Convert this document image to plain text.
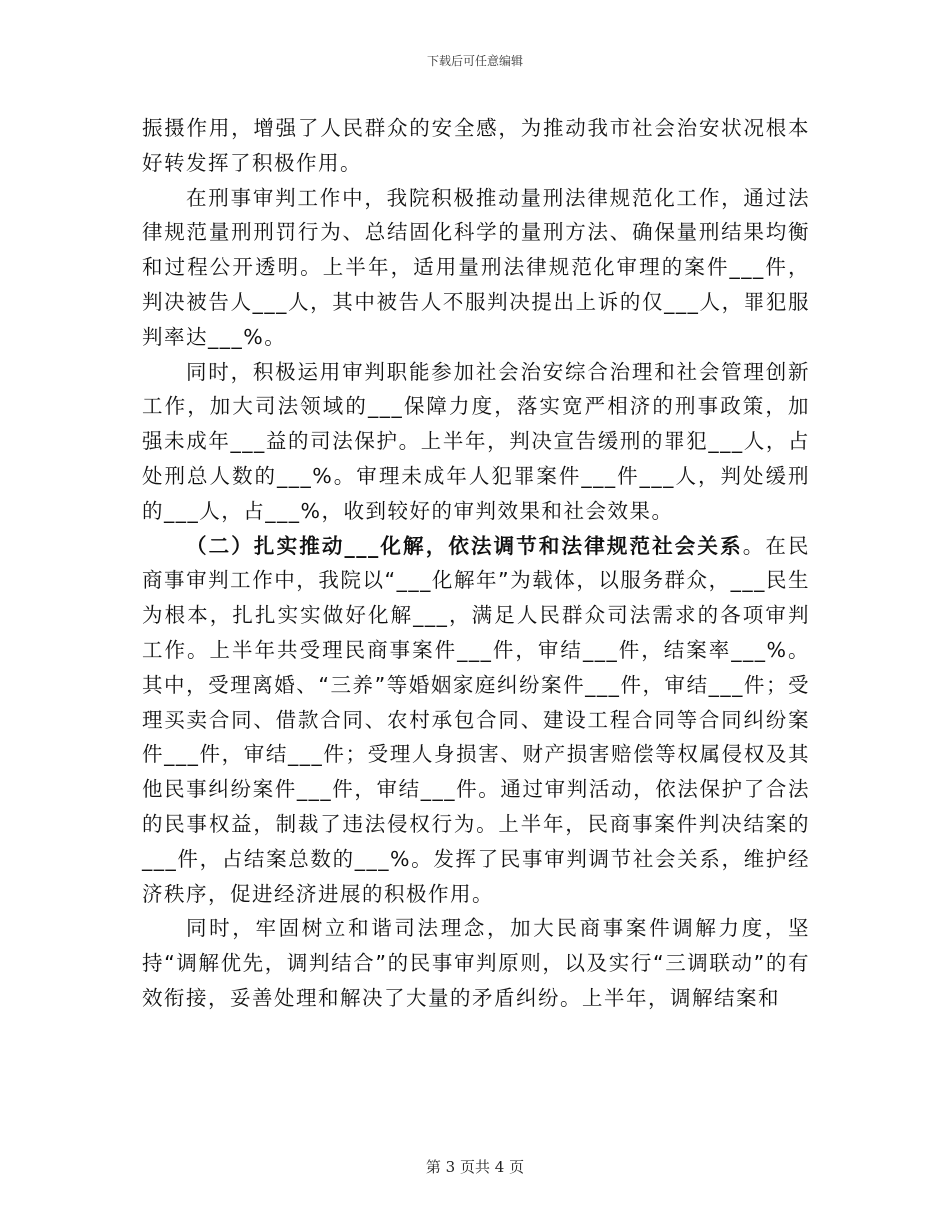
下载后可任意编辑

振摄作用，增强了人民群众的安全感，为推动我市社会治安状况根本好转发挥了积极作用。

在刑事审判工作中，我院积极推动量刑法律规范化工作，通过法律规范量刑刑罚行为、总结固化科学的量刑方法、确保量刑结果均衡和过程公开透明。上半年，适用量刑法律规范化审理的案件___件，判决被告人___人，其中被告人不服判决提出上诉的仅___人，罪犯服判率达___%。

同时，积极运用审判职能参加社会治安综合治理和社会管理创新工作，加大司法领域的___保障力度，落实宽严相济的刑事政策，加强未成年___益的司法保护。上半年，判决宣告缓刑的罪犯___人，占处刑总人数的___%。审理未成年人犯罪案件___件___人，判处缓刑的___人，占___%，收到较好的审判效果和社会效果。

（二）扎实推动___化解，依法调节和法律规范社会关系。在民商事审判工作中，我院以“___化解年”为载体，以服务群众，___民生为根本，扎扎实实做好化解___，满足人民群众司法需求的各项审判工作。上半年共受理民商事案件___件，审结___件，结案率___%。其中，受理离婚、“三养”等婚姻家庭纠纷案件___件，审结___件；受理买卖合同、借款合同、农村承包合同、建设工程合同等合同纠纷案件___件，审结___件；受理人身损害、财产损害赔偿等权属侵权及其他民事纠纷案件___件，审结___件。通过审判活动，依法保护了合法的民事权益，制裁了违法侵权行为。上半年，民商事案件判决结案的___件，占结案总数的___%。发挥了民事审判调节社会关系，维护经济秩序，促进经济进展的积极作用。

同时，牢固树立和谐司法理念，加大民商事案件调解力度，坚持“调解优先，调判结合”的民事审判原则，以及实行“三调联动”的有效衔接，妥善处理和解决了大量的矛盾纠纷。上半年，调解结案和

第 3 页共 4 页
